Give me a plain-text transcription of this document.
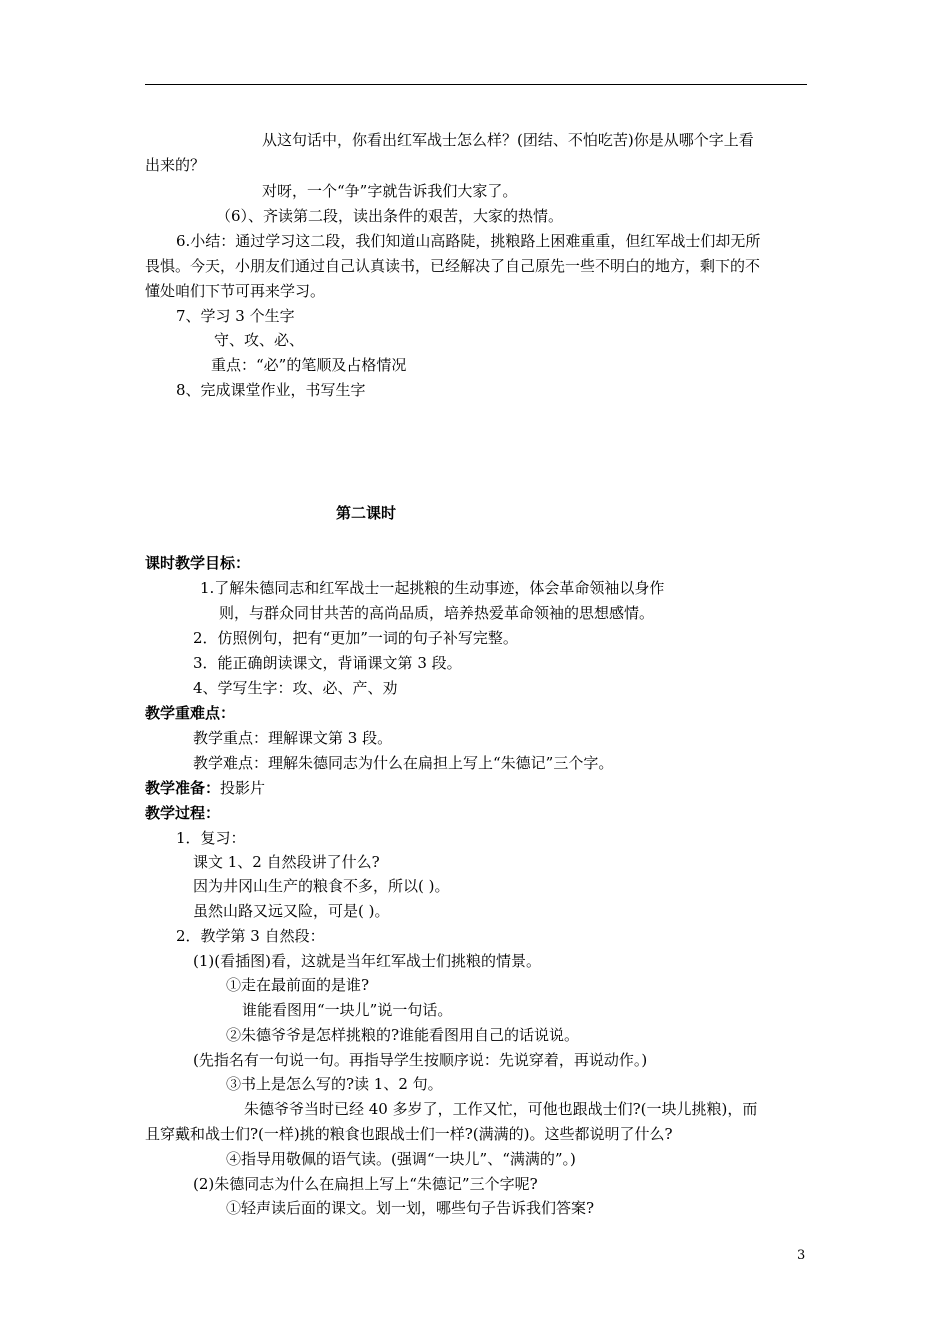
从这句话中，你看出红军战士怎么样？(团结、不怕吃苦)你是从哪个字上看
出来的？
对呀，一个“争”字就告诉我们大家了。
（6）、齐读第二段，读出条件的艰苦，大家的热情。
6.小结：通过学习这二段，我们知道山高路陡，挑粮路上困难重重，但红军战士们却无所
畏惧。今天，小朋友们通过自己认真读书，已经解决了自己原先一些不明白的地方，剩下的不
懂处咱们下节可再来学习。
7、学习 3 个生字
守、攻、必、
重点：“必”的笔顺及占格情况
8、完成课堂作业，书写生字
第二课时
课时教学目标：
1.了解朱德同志和红军战士一起挑粮的生动事迹，体会革命领袖以身作
则，与群众同甘共苦的高尚品质，培养热爱革命领袖的思想感情。
2．仿照例句，把有“更加”一词的句子补写完整。
3．能正确朗读课文，背诵课文第 3 段。
4、学写生字：攻、必、产、劝
教学重难点：
教学重点：理解课文第 3 段。
教学难点：理解朱德同志为什么在扁担上写上“朱德记”三个字。
教学准备：投影片
教学过程：
1．复习：
课文 1、2 自然段讲了什么?
因为井冈山生产的粮食不多，所以( )。
虽然山路又远又险，可是( )。
2．教学第 3 自然段：
(1)(看插图)看，这就是当年红军战士们挑粮的情景。
①走在最前面的是谁?
谁能看图用“一块儿”说一句话。
②朱德爷爷是怎样挑粮的?谁能看图用自己的话说说。
(先指名有一句说一句。再指导学生按顺序说：先说穿着，再说动作。)
③书上是怎么写的?读 1、2 句。
朱德爷爷当时已经 40 多岁了，工作又忙，可他也跟战士们?(一块儿挑粮)，而
且穿戴和战士们?(一样)挑的粮食也跟战士们一样?(满满的)。这些都说明了什么?
④指导用敬佩的语气读。(强调“一块儿”、“满满的”。)
(2)朱德同志为什么在扁担上写上“朱德记”三个字呢?
①轻声读后面的课文。划一划，哪些句子告诉我们答案?
3
